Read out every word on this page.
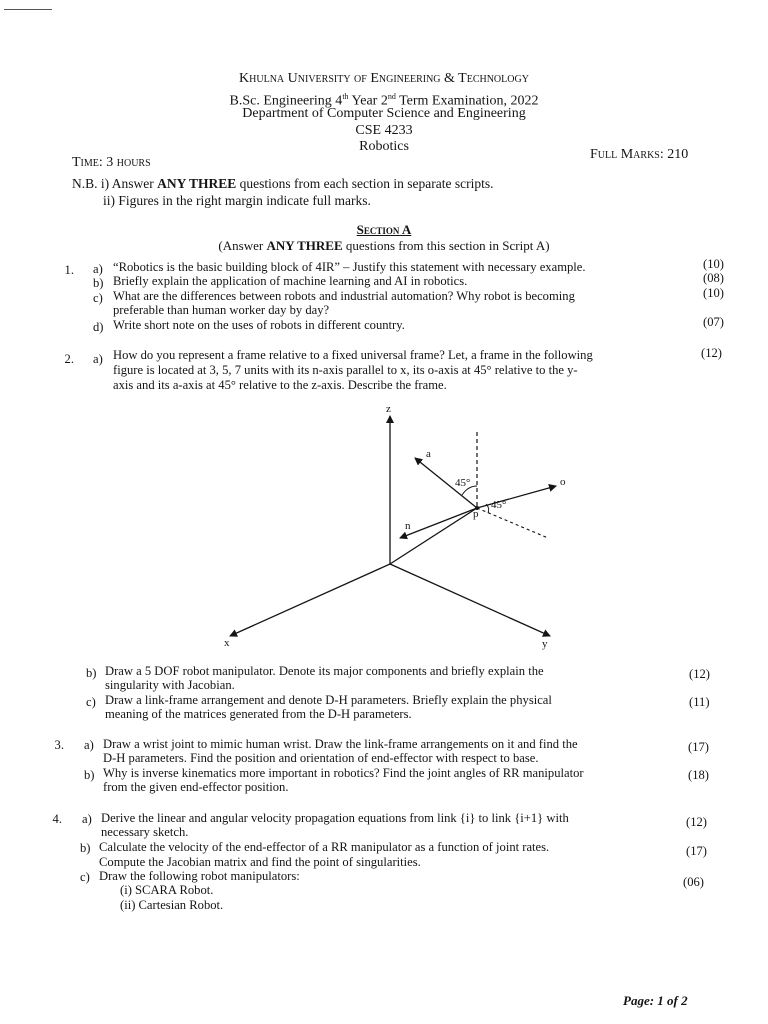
Khulna University of Engineering & Technology
B.Sc. Engineering 4th Year 2nd Term Examination, 2022
Department of Computer Science and Engineering
CSE 4233
Robotics
Time: 3 hours
Full Marks: 210
N.B. i) Answer ANY THREE questions from each section in separate scripts.
ii) Figures in the right margin indicate full marks.
Section A
(Answer ANY THREE questions from this section in Script A)
1. a) “Robotics is the basic building block of 4IR” – Justify this statement with necessary example.	(10)
b) Briefly explain the application of machine learning and AI in robotics.	(08)
c) What are the differences between robots and industrial automation? Why robot is becoming
preferable than human worker day by day?
(10)
d) Write short note on the uses of robots in different country.	(07)
2. a) How do you represent a frame relative to a fixed universal frame? Let, a frame in the following
figure is located at 3, 5, 7 units with its n-axis parallel to x, its o-axis at 45° relative to the y-
axis and its a-axis at 45° relative to the z-axis. Describe the frame.
(12)
z
x	y
a
o
n
p
45°
45°
b) Draw a 5 DOF robot manipulator. Denote its major components and briefly explain the
singularity with Jacobian.
(12)
c) Draw a link-frame arrangement and denote D-H parameters. Briefly explain the physical
meaning of the matrices generated from the D-H parameters.
(11)
3. a) Draw a wrist joint to mimic human wrist. Draw the link-frame arrangements on it and find the
D-H parameters. Find the position and orientation of end-effector with respect to base.
(17)
b) Why is inverse kinematics more important in robotics? Find the joint angles of RR manipulator
from the given end-effector position.
(18)
4. a) Derive the linear and angular velocity propagation equations from link {i} to link {i+1} with
necessary sketch.
(12)
b) Calculate the velocity of the end-effector of a RR manipulator as a function of joint rates.
Compute the Jacobian matrix and find the point of singularities.
(17)
c) Draw the following robot manipulators:
(i) SCARA Robot.
(ii) Cartesian Robot.
(06)
Page: 1 of 2
